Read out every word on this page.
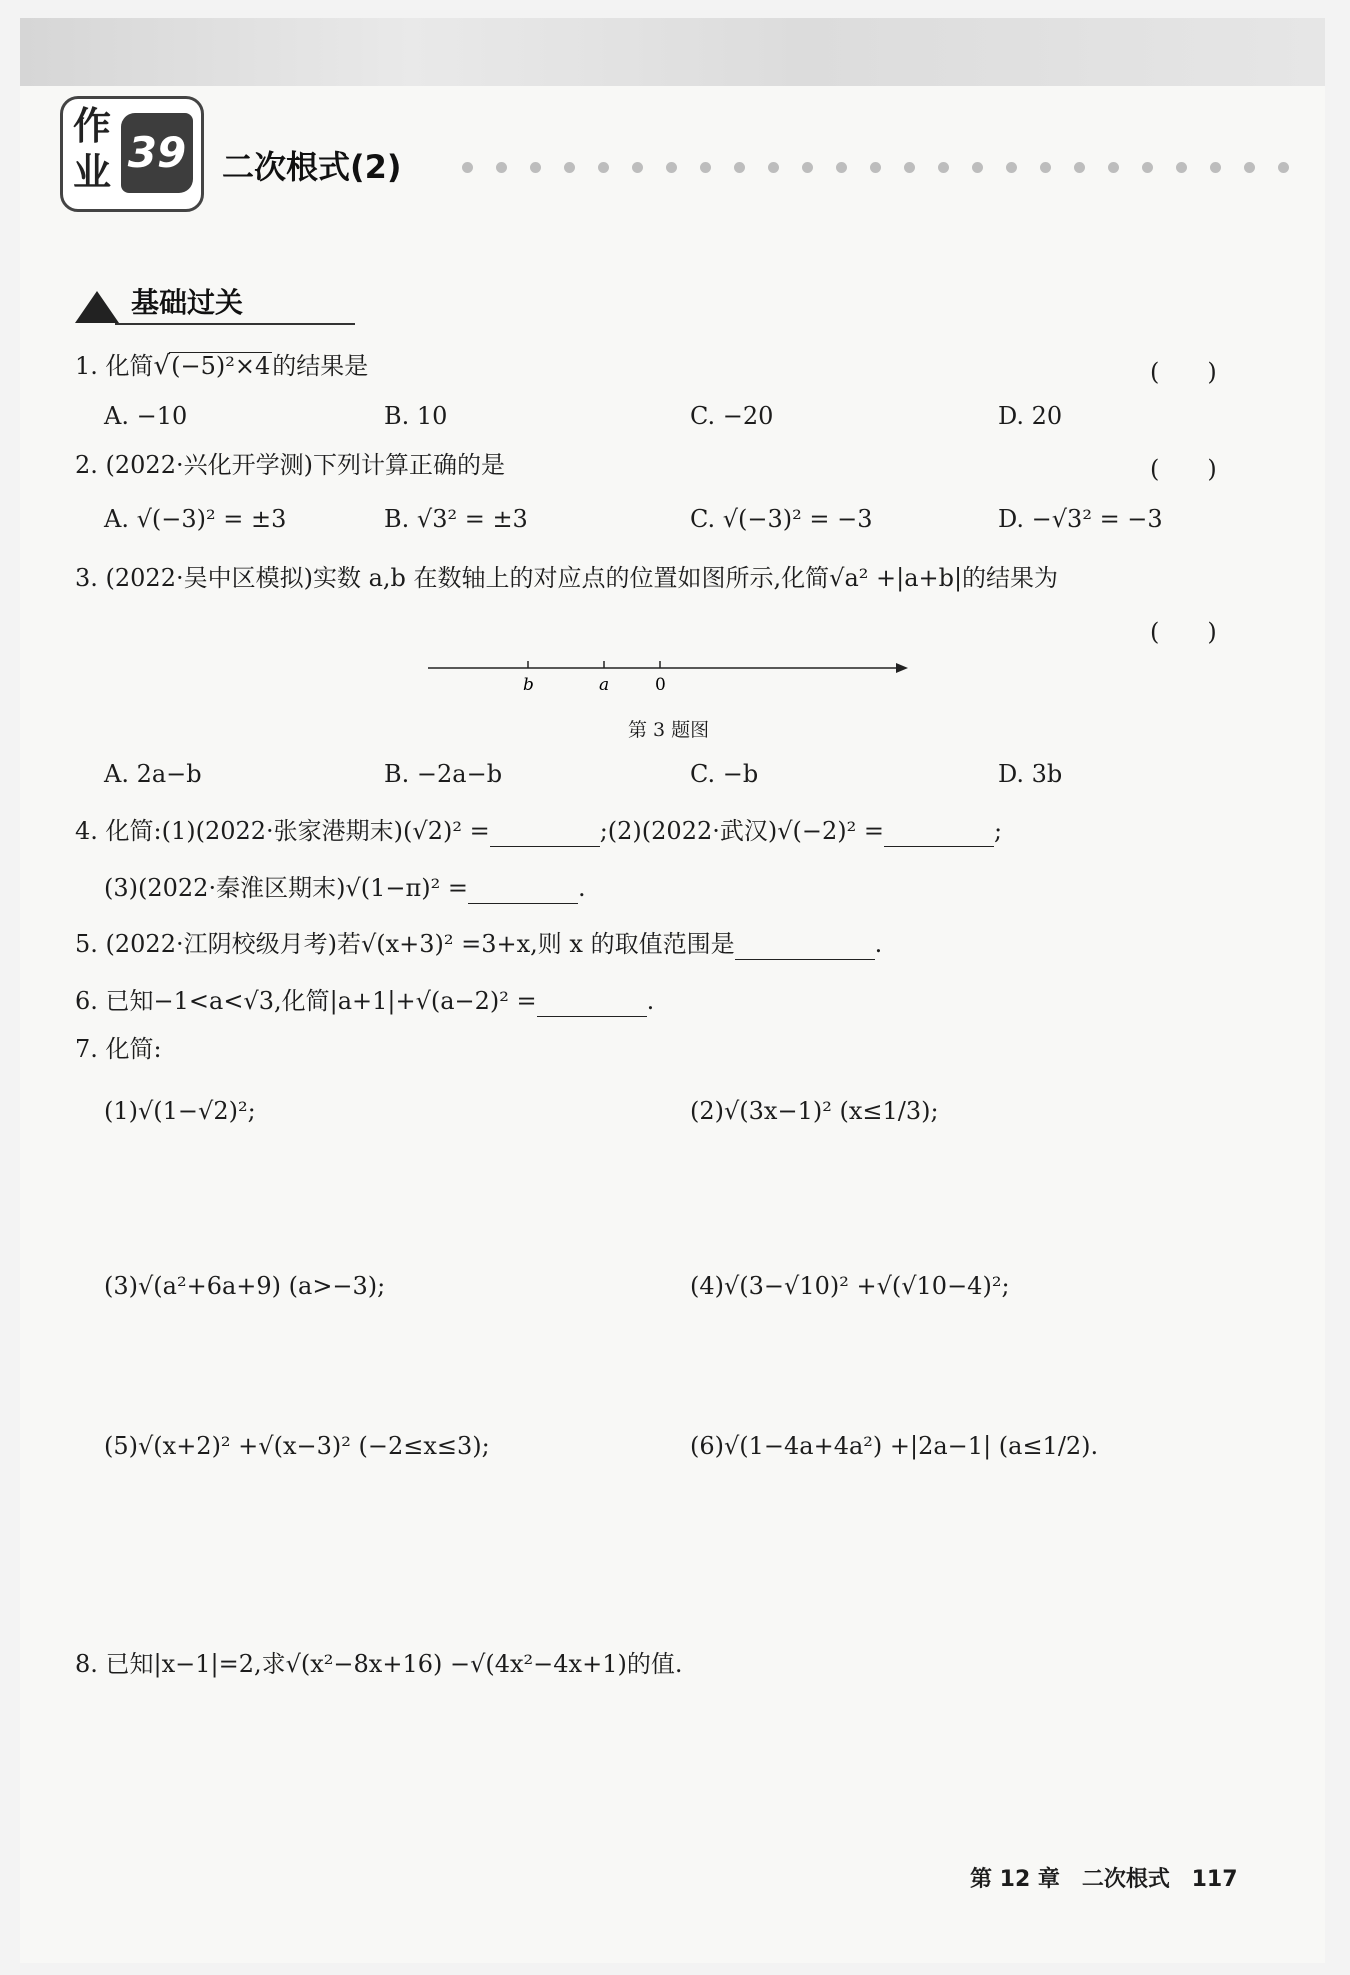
作
业 39 二次根式(2)
基础过关
1. 化简√(−5)²×4的结果是	(　　)
A. −10	B. 10	C. −20	D. 20
2. (2022·兴化开学测)下列计算正确的是	(　　)
A. √(−3)² = ±3	B. √3² = ±3	C. √(−3)² = −3	D. −√3² = −3
3. (2022·吴中区模拟)实数 a,b 在数轴上的对应点的位置如图所示,化简√a² +|a+b|的结果为
(　　)
b	a	0
第 3 题图
A. 2a−b	B. −2a−b	C. −b	D. 3b
4. 化简:(1)(2022·张家港期末)(√2)² =	;(2)(2022·武汉)√(−2)² =	;
(3)(2022·秦淮区期末)√(1−π)² =	.
5. (2022·江阴校级月考)若√(x+3)² =3+x,则 x 的取值范围是	.
6. 已知−1<a<√3,化简|a+1|+√(a−2)² =	.
7. 化简:
(1)√(1−√2)²;	(2)√(3x−1)² (x≤1/3);
(3)√(a²+6a+9) (a>−3);	(4)√(3−√10)² +√(√10−4)²;
(5)√(x+2)² +√(x−3)² (−2≤x≤3);	(6)√(1−4a+4a²) +|2a−1| (a≤1/2).
8. 已知|x−1|=2,求√(x²−8x+16) −√(4x²−4x+1)的值.
第 12 章　二次根式 117
